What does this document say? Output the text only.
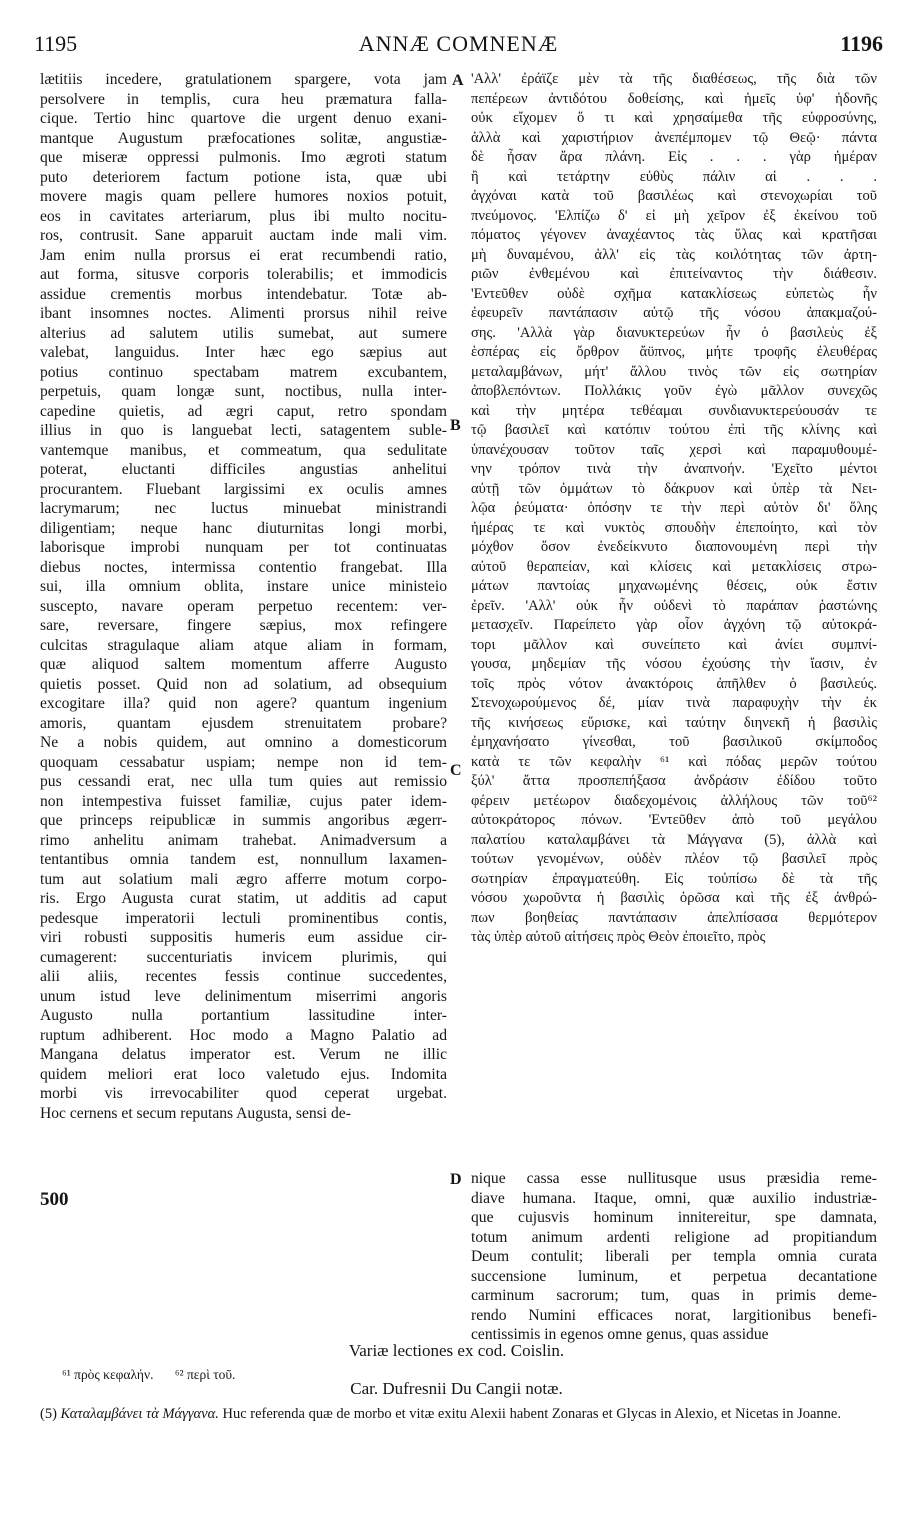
1195	ANNÆ COMNENÆ	1196
lætitiis incedere, gratulationem spargere, vota jam
persolvere in templis, cura heu præmatura falla-
cique. Tertio hinc quartove die urgent denuo exani-
mantque Augustum præfocationes solitæ, angustiæ-
que miseræ oppressi pulmonis. Imo ægroti statum
puto deteriorem factum potione ista, quæ ubi
movere magis quam pellere humores noxios potuit,
eos in cavitates arteriarum, plus ibi multo nocitu-
ros, contrusit. Sane apparuit auctam inde mali vim.
Jam enim nulla prorsus ei erat recumbendi ratio,
aut forma, situsve corporis tolerabilis; et immodicis
assidue crementis morbus intendebatur. Totæ ab-
ibant insomnes noctes. Alimenti prorsus nihil reive
alterius ad salutem utilis sumebat, aut sumere
valebat, languidus. Inter hæc ego sæpius aut
potius continuo spectabam matrem excubantem,
perpetuis, quam longæ sunt, noctibus, nulla inter-
capedine quietis, ad ægri caput, retro spondam
illius in quo is languebat lecti, satagentem suble-
vantemque manibus, et commeatum, qua sedulitate
poterat, eluctanti difficiles angustias anhelitui
procurantem. Fluebant largissimi ex oculis amnes
lacrymarum; nec luctus minuebat ministrandi
diligentiam; neque hanc diuturnitas longi morbi,
laborisque improbi nunquam per tot continuatas
diebus noctes, intermissa contentio frangebat. Illa
sui, illa omnium oblita, instare unice ministeio
suscepto, navare operam perpetuo recentem: ver-
sare, reversare, fingere sæpius, mox refingere
culcitas stragulaque aliam atque aliam in formam,
quæ aliquod saltem momentum afferre Augusto
quietis posset. Quid non ad solatium, ad obsequium
excogitare illa? quid non agere? quantum ingenium
amoris, quantam ejusdem strenuitatem probare?
Ne a nobis quidem, aut omnino a domesticorum
quoquam cessabatur uspiam; nempe non id tem-
pus cessandi erat, nec ulla tum quies aut remissio
non intempestiva fuisset familiæ, cujus pater idem-
que princeps reipublicæ in summis angoribus ægerr-
rimo anhelitu animam trahebat. Animadversum a
tentantibus omnia tandem est, nonnullum laxamen-
tum aut solatium mali ægro afferre motum corpo-
ris. Ergo Augusta curat statim, ut additis ad caput
pedesque imperatorii lectuli prominentibus contis,
viri robusti suppositis humeris eum assidue cir-
cumagerent: succenturiatis invicem plurimis, qui
alii aliis, recentes fessis continue succedentes,
unum istud leve delinimentum miserrimi angoris
Augusto nulla portantium lassitudine inter-
ruptum adhiberent. Hoc modo a Magno Palatio ad
Mangana delatus imperator est. Verum ne illic
quidem meliori erat loco valetudo ejus. Indomita
morbi vis irrevocabiliter quod ceperat urgebat.
Hoc cernens et secum reputans Augusta, sensi de-
'Αλλ' ἐράϊζε μὲν τὰ τῆς διαθέσεως, τῆς διὰ τῶν
πεπέρεων ἀντιδότου δοθείσης, καὶ ἡμεῖς ὑφ' ἡδονῆς
οὐκ εἴχομεν ὅ τι καὶ χρησαίμεθα τῆς εὐφροσύνης,
ἀλλὰ καὶ χαριστήριον ἀνεπέμπομεν τῷ Θεῷ· πάντα
δὲ ἦσαν ἄρα πλάνη. Εἰς . . . γὰρ ἡμέραν
ἢ καὶ τετάρτην εὐθὺς πάλιν αἱ . . .
ἀγχόναι κατὰ τοῦ βασιλέως καὶ στενοχωρίαι τοῦ
πνεύμονος. 'Ελπίζω δ' εἰ μὴ χεῖρον ἐξ ἐκείνου τοῦ
πόματος γέγονεν ἀναχέαντος τὰς ὕλας καὶ κρατῆσαι
μὴ δυναμένου, ἀλλ' εἰς τὰς κοιλότητας τῶν ἀρτη-
ριῶν ἐνθεμένου καὶ ἐπιτείναντος τὴν διάθεσιν.
'Εντεῦθεν οὐδὲ σχῆμα κατακλίσεως εὐπετὼς ἦν
ἐφευρεῖν παντάπασιν αὐτῷ τῆς νόσου ἀπακμαζού-
σης. 'Αλλὰ γὰρ διανυκτερεύων ἦν ὁ βασιλεὺς ἐξ
ἑσπέρας εἰς ὄρθρον ἄϋπνος, μήτε τροφῆς ἐλευθέρας
μεταλαμβάνων, μήτ' ἄλλου τινὸς τῶν εἰς σωτηρίαν
ἀποβλεπόντων. Πολλάκις γοῦν ἐγὼ μᾶλλον συνεχῶς
καὶ τὴν μητέρα τεθέαμαι συνδιανυκτερεύουσάν τε
τῷ βασιλεῖ καὶ κατόπιν τούτου ἐπὶ τῆς κλίνης καὶ
ὑπανέχουσαν τοῦτον ταῖς χερσὶ καὶ παραμυθουμέ-
νην τρόπον τινὰ τὴν ἀναπνοήν. 'Εχεῖτο μέντοι
αὐτῇ τῶν ὀμμάτων τὸ δάκρυον καὶ ὑπὲρ τὰ Νει-
λῷα ῥεύματα· ὁπόσην τε τὴν περὶ αὐτὸν δι' ὅλης
ἡμέρας τε καὶ νυκτὸς σπουδὴν ἐπεποίητο, καὶ τὸν
μόχθον ὅσον ἐνεδείκνυτο διαπονουμένη περὶ τὴν
αὐτοῦ θεραπείαν, καὶ κλίσεις καὶ μετακλίσεις στρω-
μάτων παντοίας μηχανωμένης θέσεις, οὐκ ἔστιν
ἐρεῖν. 'Αλλ' οὐκ ἦν οὐδενὶ τὸ παράπαν ῥαστώνης
μετασχεῖν. Παρείπετο γὰρ οἷον ἀγχόνη τῷ αὐτοκρά-
τορι μᾶλλον καὶ συνείπετο καὶ ἀνίει συμπνί-
γουσα, μηδεμίαν τῆς νόσου ἐχούσης τὴν ἴασιν, ἐν
τοῖς πρὸς νότον ἀνακτόροις ἀπῆλθεν ὁ βασιλεύς.
Στενοχωρούμενος δέ, μίαν τινὰ παραφυχὴν τὴν ἐκ
τῆς κινήσεως εὕρισκε, καὶ ταύτην διηνεκῆ ἡ βασιλὶς
ἐμηχανήσατο γίνεσθαι, τοῦ βασιλικοῦ σκίμποδος
κατὰ τε τῶν κεφαλὴν ⁶¹ καὶ πόδας μερῶν τούτου
ξύλ' ἄττα προσπεπήξασα ἀνδράσιν ἐδίδου τοῦτο
φέρειν μετέωρον διαδεχομένοις ἀλλήλους τῶν τοῦ⁶²
αὐτοκράτορος πόνων. 'Εντεῦθεν ἀπὸ τοῦ μεγάλου
παλατίου καταλαμβάνει τὰ Μάγγανα (5), ἀλλὰ καὶ
τούτων γενομένων, οὐδὲν πλέον τῷ βασιλεῖ πρὸς
σωτηρίαν ἐπραγματεύθη. Εἰς τοὐπίσω δὲ τὰ τῆς
νόσου χωροῦντα ἡ βασιλὶς ὁρῶσα καὶ τῆς ἐξ ἀνθρώ-
πων βοηθείας παντάπασιν ἀπελπίσασα θερμότερον
τὰς ὑπὲρ αὐτοῦ αἰτήσεις πρὸς Θεὸν ἐποιεῖτο, πρὸς
nique cassa esse nullitusque usus præsidia reme-
diave humana. Itaque, omni, quæ auxilio industriæ-
que cujusvis hominum innitereitur, spe damnata,
totum animum ardenti religione ad propitiandum
Deum contulit; liberali per templa omnia curata
succensione luminum, et perpetua decantatione
carminum sacrorum; tum, quas in primis deme-
rendo Numini efficaces norat, largitionibus benefi-
centissimis in egenos omne genus, quas assidue
A
B
C
D
500
Variæ lectiones ex cod. Coislin.
⁶¹ πρὸς κεφαλήν. ⁶² περὶ τοῦ.
Car. Dufresnii Du Cangii notæ.
(5) Καταλαμβάνει τὰ Μάγγανα. Huc referenda quæ de morbo et vitæ exitu Alexii habent Zonaras et Glycas in Alexio, et Nicetas in Joanne.
